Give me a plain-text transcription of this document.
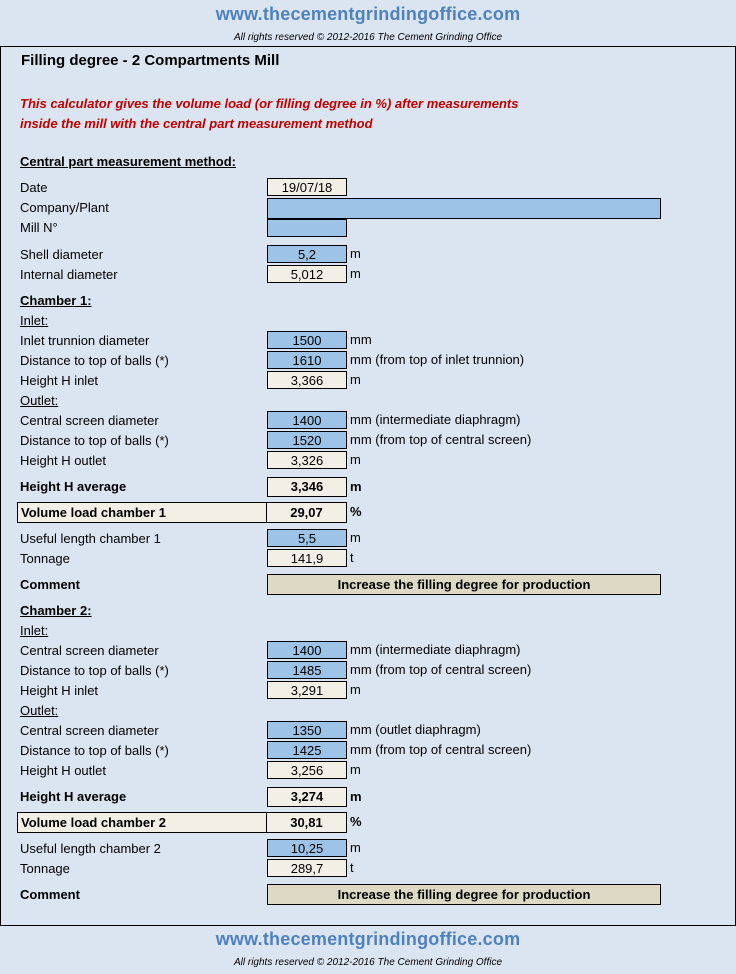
www.thecementgrindingoffice.com
All rights reserved © 2012-2016 The Cement Grinding Office
Filling degree - 2 Compartments Mill
This calculator gives the volume load (or filling degree in %) after measurements
inside the mill with the central part measurement method
Central part measurement method:
Date	19/07/18
Company/Plant
Mill N°
Shell diameter	5,2	m
Internal diameter	5,012	m
Chamber 1:
Inlet:
Inlet trunnion diameter	1500	mm
Distance to top of balls (*)	1610	mm (from top of inlet trunnion)
Height H inlet	3,366	m
Outlet:
Central screen diameter	1400	mm (intermediate diaphragm)
Distance to top of balls (*)	1520	mm (from top of central screen)
Height H outlet	3,326	m
Height H average	3,346	m
Volume load chamber 1	29,07	%
Useful length chamber 1	5,5	m
Tonnage	141,9	t
Comment	Increase the filling degree for production
Chamber 2:
Inlet:
Central screen diameter	1400	mm (intermediate diaphragm)
Distance to top of balls (*)	1485	mm (from top of central screen)
Height H inlet	3,291	m
Outlet:
Central screen diameter	1350	mm (outlet diaphragm)
Distance to top of balls (*)	1425	mm (from top of central screen)
Height H outlet	3,256	m
Height H average	3,274	m
Volume load chamber 2	30,81	%
Useful length chamber 2	10,25	m
Tonnage	289,7	t
Comment	Increase the filling degree for production
www.thecementgrindingoffice.com
All rights reserved © 2012-2016 The Cement Grinding Office
